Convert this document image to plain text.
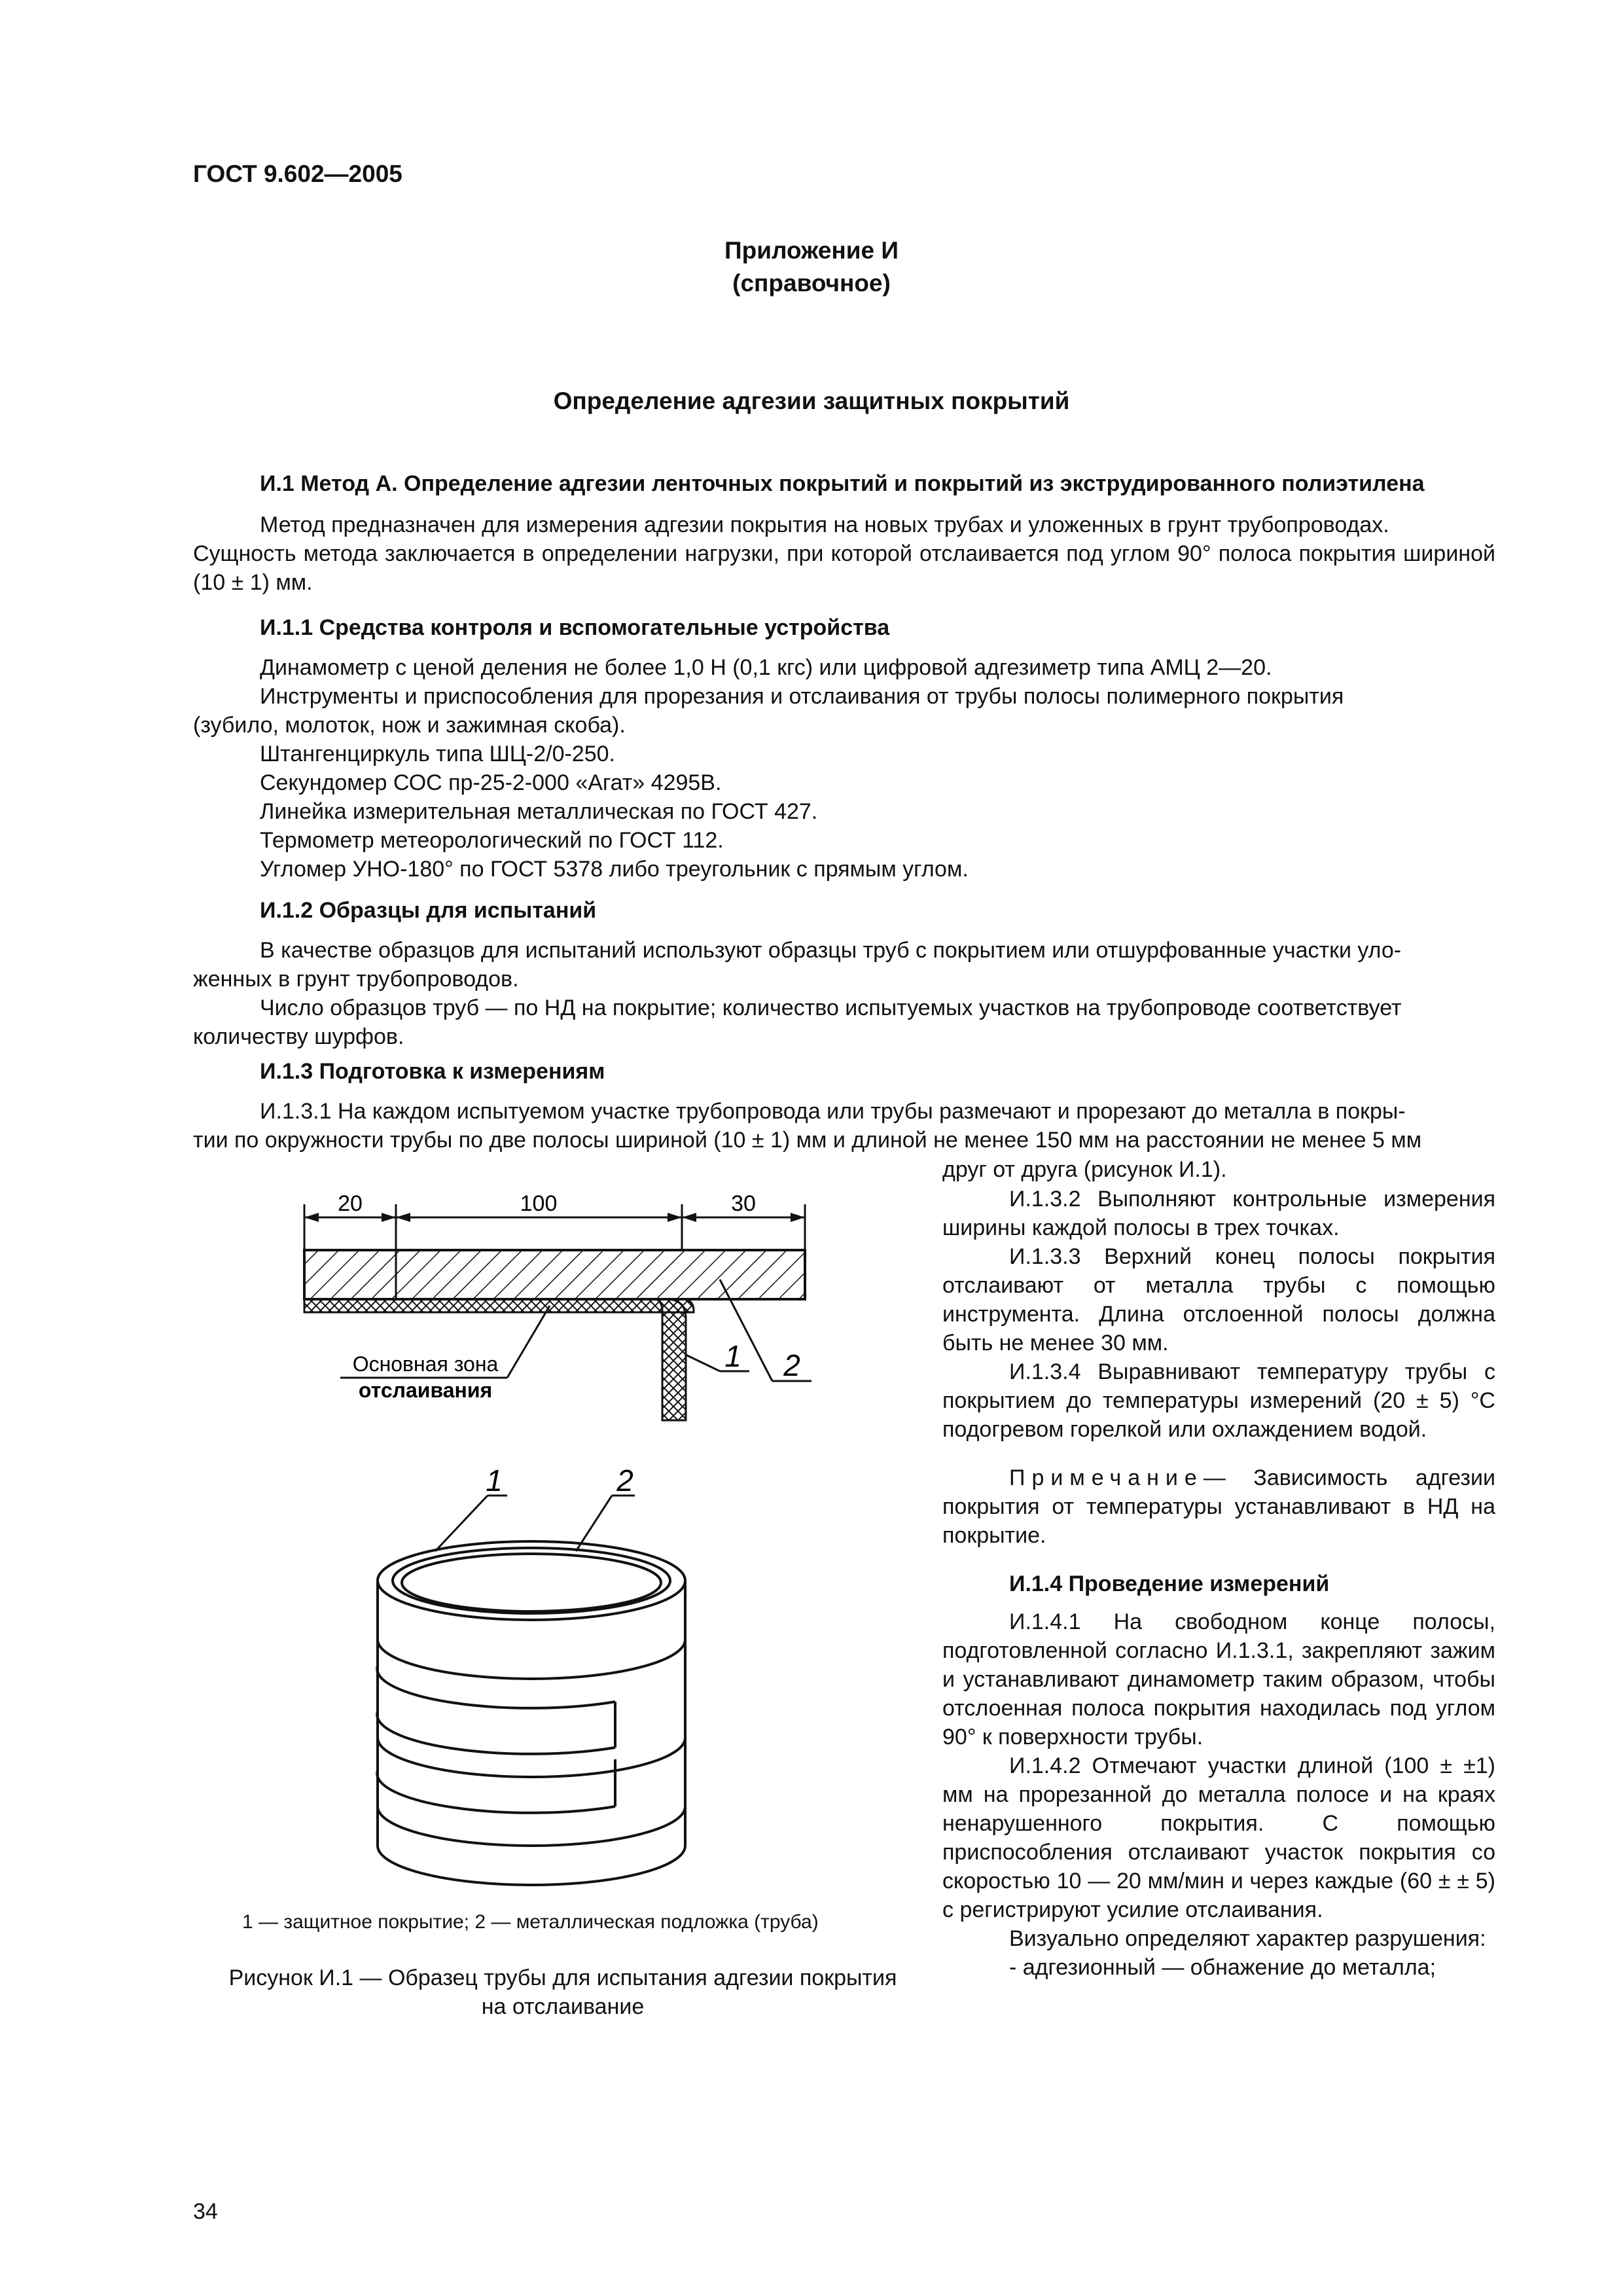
ГОСТ 9.602—2005
Приложение И
(справочное)
Определение адгезии защитных покрытий
И.1 Метод А. Определение адгезии ленточных покрытий и покрытий из экструдированного полиэтилена
Метод предназначен для измерения адгезии покрытия на новых трубах и уложенных в грунт трубопроводах.
Сущность метода заключается в определении нагрузки, при которой отслаивается под углом 90° полоса покрытия шириной (10 ± 1) мм.
И.1.1 Средства контроля и вспомогательные устройства
Динамометр с ценой деления не более 1,0 Н (0,1 кгс) или цифровой адгезиметр типа АМЦ 2—20.
Инструменты и приспособления для прорезания и отслаивания от трубы полосы полимерного покрытия
(зубило, молоток, нож и зажимная скоба).
Штангенциркуль типа ШЦ-2/0-250.
Секундомер СОС пр-25-2-000 «Агат» 4295В.
Линейка измерительная металлическая по ГОСТ 427.
Термометр метеорологический по ГОСТ 112.
Угломер УНО-180° по ГОСТ 5378 либо треугольник с прямым углом.
И.1.2 Образцы для испытаний
В качестве образцов для испытаний используют образцы труб с покрытием или отшурфованные участки уло-
женных в грунт трубопроводов.
Число образцов труб — по НД на покрытие; количество испытуемых участков на трубопроводе соответствует
количеству шурфов.
И.1.3 Подготовка к измерениям
И.1.3.1 На каждом испытуемом участке трубопровода или трубы размечают и прорезают до металла в покры-
тии по окружности трубы по две полосы шириной (10 ± 1) мм и длиной не менее 150 мм на расстоянии не менее 5 мм
друг от друга (рисунок И.1).

И.1.3.2 Выполняют контрольные измерения ширины каждой полосы в трех точках.

И.1.3.3 Верхний конец полосы покрытия отслаивают от металла трубы с помощью инструмента. Длина отслоенной полосы должна быть не менее 30 мм.

И.1.3.4 Выравнивают температуру трубы с покрытием до температуры измерений (20 ± 5) °С подогревом горелкой или охлаждением водой.

Примечание— Зависимость адгезии покрытия от температуры устанавливают в НД на покрытие.

И.1.4 Проведение измерений

И.1.4.1 На свободном конце полосы, подготовленной согласно И.1.3.1, закрепляют зажим и устанавливают динамометр таким образом, чтобы отслоенная полоса покрытия находилась под углом 90° к поверхности трубы.

И.1.4.2 Отмечают участки длиной (100 ± ±1) мм на прорезанной до металла полосе и на краях ненарушенного покрытия. С помощью приспособления отслаивают участок покрытия со скоростью 10 — 20 мм/мин и через каждые (60 ± ± 5) с регистрируют усилие отслаивания.

Визуально определяют характер разрушения:

- адгезионный — обнажение до металла;

20	100	30
Основная зона
отслаивания
1 2
1	2
1 — защитное покрытие; 2 — металлическая подложка (труба)
Рисунок И.1 — Образец трубы для испытания адгезии покрытия
на отслаивание
34
